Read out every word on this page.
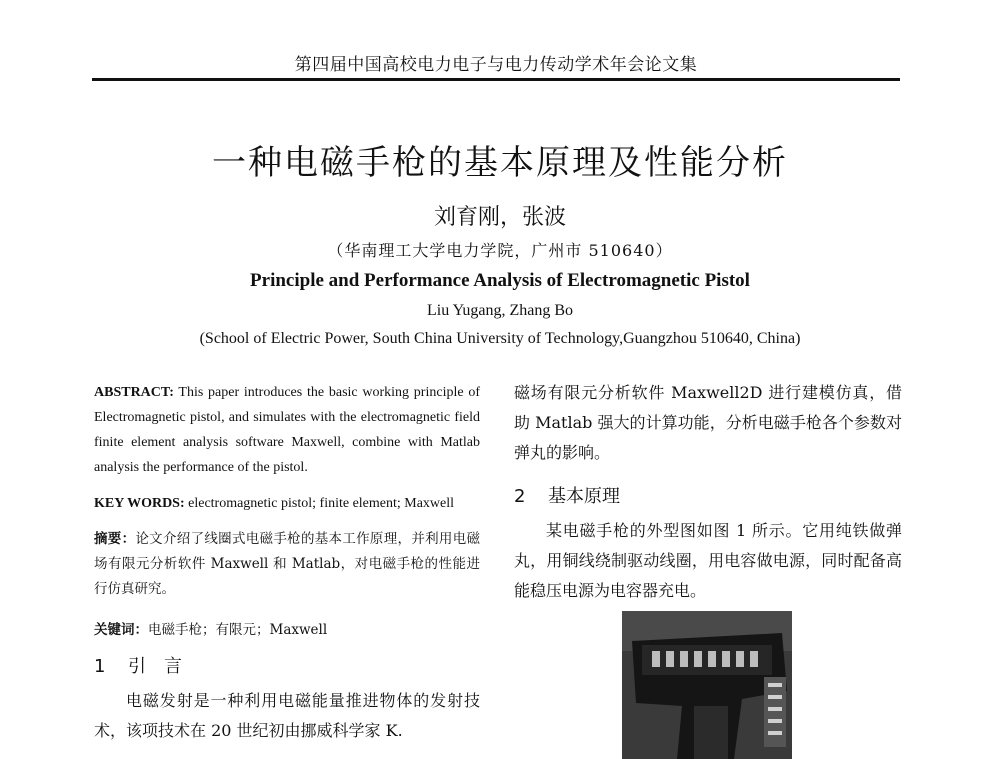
第四届中国高校电力电子与电力传动学术年会论文集
一种电磁手枪的基本原理及性能分析
刘育刚，张波
（华南理工大学电力学院，广州市 510640）
Principle and Performance Analysis of Electromagnetic Pistol
Liu Yugang, Zhang Bo
(School of Electric Power, South China University of Technology,Guangzhou 510640, China)

ABSTRACT: This paper introduces the basic working principle of Electromagnetic pistol, and simulates with the electromagnetic field finite element analysis software Maxwell, combine with Matlab analysis the performance of the pistol.

KEY WORDS: electromagnetic pistol; finite element; Maxwell

摘要：论文介绍了线圈式电磁手枪的基本工作原理，并利用电磁场有限元分析软件 Maxwell 和 Matlab，对电磁手枪的性能进行仿真研究。

关键词：电磁手枪；有限元；Maxwell

1 引　言

电磁发射是一种利用电磁能量推进物体的发射技术，该项技术在 20 世纪初由挪威科学家 K.

磁场有限元分析软件 Maxwell2D 进行建模仿真，借助 Matlab 强大的计算功能，分析电磁手枪各个参数对弹丸的影响。

2 基本原理

某电磁手枪的外型图如图 1 所示。它用纯铁做弹丸，用铜线绕制驱动线圈，用电容做电源，同时配备高能稳压电源为电容器充电。
